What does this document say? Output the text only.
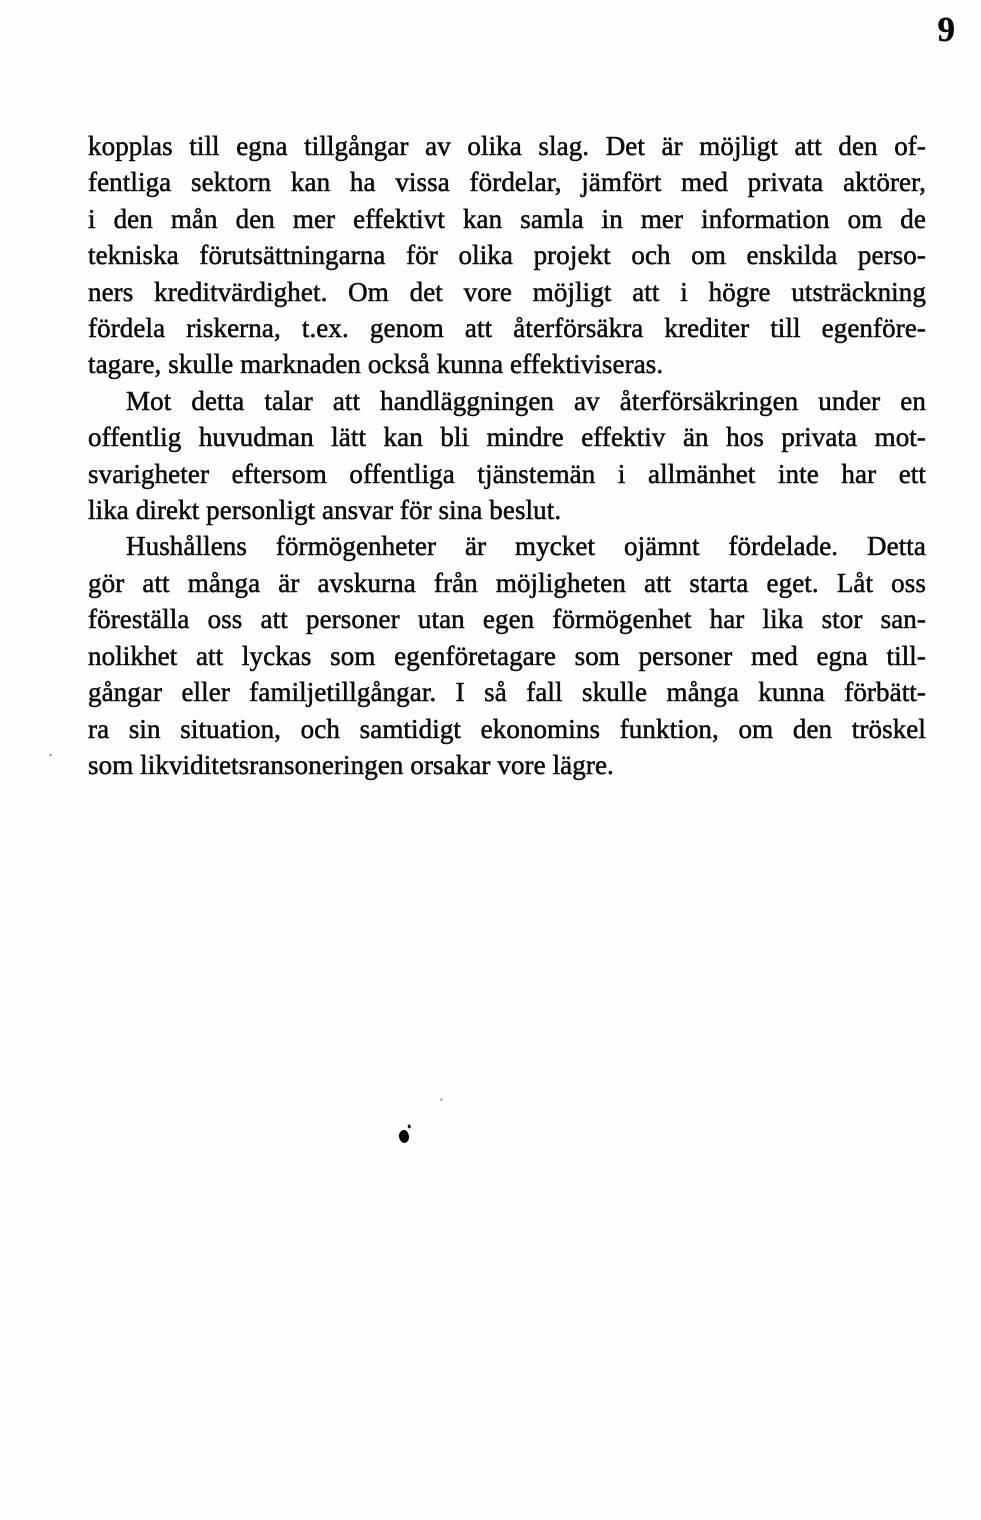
9
kopplas till egna tillgångar av olika slag. Det är möjligt att den of-
fentliga sektorn kan ha vissa fördelar, jämfört med privata aktörer,
i den mån den mer effektivt kan samla in mer information om de
tekniska förutsättningarna för olika projekt och om enskilda perso-
ners kreditvärdighet. Om det vore möjligt att i högre utsträckning
fördela riskerna, t.ex. genom att återförsäkra krediter till egenföre-
tagare, skulle marknaden också kunna effektiviseras.
Mot detta talar att handläggningen av återförsäkringen under en
offentlig huvudman lätt kan bli mindre effektiv än hos privata mot-
svarigheter eftersom offentliga tjänstemän i allmänhet inte har ett
lika direkt personligt ansvar för sina beslut.
Hushållens förmögenheter är mycket ojämnt fördelade. Detta
gör att många är avskurna från möjligheten att starta eget. Låt oss
föreställa oss att personer utan egen förmögenhet har lika stor san-
nolikhet att lyckas som egenföretagare som personer med egna till-
gångar eller familjetillgångar. I så fall skulle många kunna förbätt-
ra sin situation, och samtidigt ekonomins funktion, om den tröskel
som likviditetsransoneringen orsakar vore lägre.
